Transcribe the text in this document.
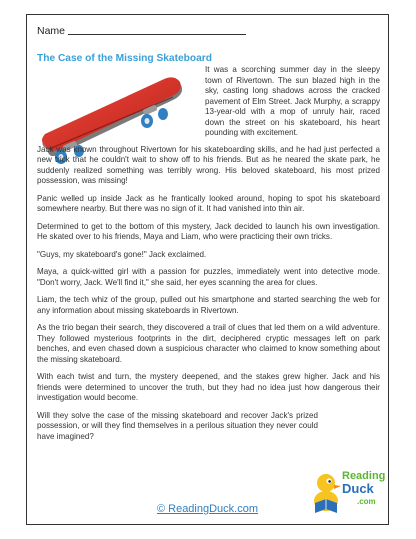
Name
The Case of the Missing Skateboard

It was a scorching summer day in the sleepy town of Rivertown. The sun blazed high in the sky, casting long shadows across the cracked pavement of Elm Street. Jack Murphy, a scrappy 13-year-old with a mop of unruly hair, raced down the street on his skateboard, his heart pounding with excitement.

Jack was known throughout Rivertown for his skateboarding skills, and he had just perfected a new trick that he couldn't wait to show off to his friends. But as he neared the skate park, he suddenly realized something was terribly wrong. His beloved skateboard, his most prized possession, was missing!

Panic welled up inside Jack as he frantically looked around, hoping to spot his skateboard somewhere nearby. But there was no sign of it. It had vanished into thin air.

Determined to get to the bottom of this mystery, Jack decided to launch his own investigation. He skated over to his friends, Maya and Liam, who were practicing their own tricks.

"Guys, my skateboard's gone!" Jack exclaimed.

Maya, a quick-witted girl with a passion for puzzles, immediately went into detective mode. "Don't worry, Jack. We'll find it," she said, her eyes scanning the area for clues.

Liam, the tech whiz of the group, pulled out his smartphone and started searching the web for any information about missing skateboards in Rivertown.

As the trio began their search, they discovered a trail of clues that led them on a wild adventure. They followed mysterious footprints in the dirt, deciphered cryptic messages left on park benches, and even chased down a suspicious character who claimed to know something about the missing skateboard.

With each twist and turn, the mystery deepened, and the stakes grew higher. Jack and his friends were determined to uncover the truth, but they had no idea just how dangerous their investigation would become.

Will they solve the case of the missing skateboard and recover Jack's prized possession, or will they find themselves in a perilous situation they never could have imagined?

Reading
Duck
.com
© ReadingDuck.com
